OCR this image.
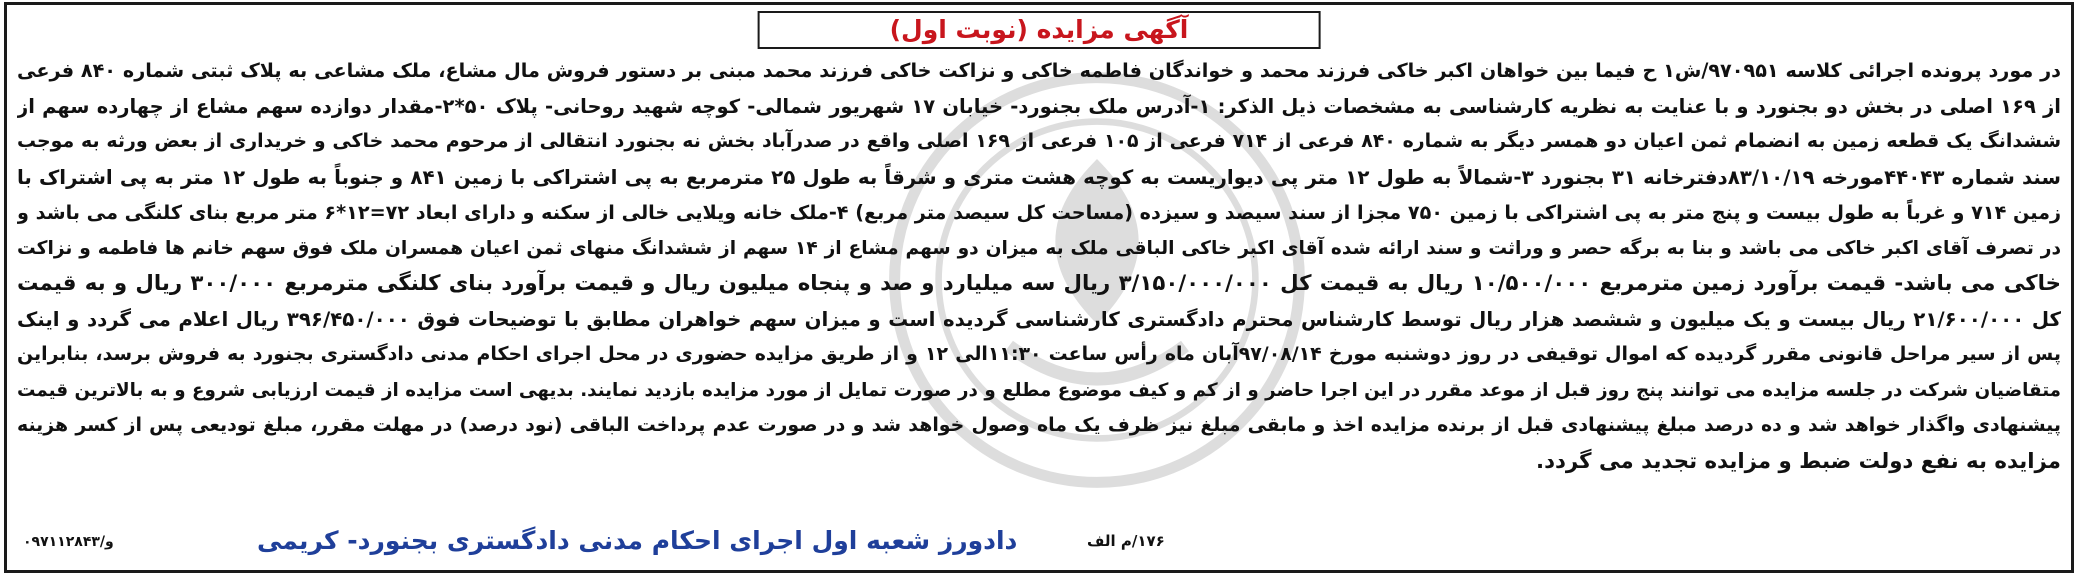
آگهی مزایده (نوبت اول)
در مورد پرونده اجرائی کلاسه ۹۷۰۹۵۱/ش۱ ح فیما بین خواهان اکبر خاکی فرزند محمد و خواندگان فاطمه خاکی و نزاکت خاکی فرزند محمد مبنی بر دستور فروش مال مشاع، ملک مشاعی به پلاک ثبتی شماره ۸۴۰ فرعی
از ۱۶۹ اصلی در بخش دو بجنورد و با عنایت به نظریه کارشناسی به مشخصات ذیل الذکر: ۱-آدرس ملک بجنورد- خیابان ۱۷ شهریور شمالی- کوچه شهید روحانی- پلاک ۵۰*۲-مقدار دوازده سهم مشاع از چهارده سهم از
ششدانگ یک قطعه زمین به انضمام ثمن اعیان دو همسر دیگر به شماره ۸۴۰ فرعی از ۷۱۴ فرعی از ۱۰۵ فرعی از ۱۶۹ اصلی واقع در صدرآباد بخش نه بجنورد انتقالی از مرحوم محمد خاکی و خریداری از بعض ورثه به موجب
سند شماره ۴۴۰۴۳مورخه ۸۳/۱۰/۱۹دفترخانه ۳۱ بجنورد ۳-شمالاً به طول ۱۲ متر پی دیواریست به کوچه هشت متری و شرقاً به طول ۲۵ مترمربع به پی اشتراکی با زمین ۸۴۱ و جنوباً به طول ۱۲ متر به پی اشتراک با
زمین ۷۱۴ و غرباً به طول بیست و پنج متر به پی اشتراکی با زمین ۷۵۰ مجزا از سند سیصد و سیزده (مساحت کل سیصد متر مربع) ۴-ملک خانه ویلایی خالی از سکنه و دارای ابعاد ۷۲=۱۲*۶ متر مربع بنای کلنگی می باشد و
در تصرف آقای اکبر خاکی می باشد و بنا به برگه حصر و وراثت و سند ارائه شده آقای اکبر خاکی الباقی ملک به میزان دو سهم مشاع از ۱۴ سهم از ششدانگ منهای ثمن اعیان همسران ملک فوق سهم خانم ها فاطمه و نزاکت
خاکی می باشد- قیمت برآورد زمین مترمربع ۱۰/۵۰۰/۰۰۰ ریال به قیمت کل ۳/۱۵۰/۰۰۰/۰۰۰ ریال سه میلیارد و صد و پنجاه میلیون ریال و قیمت برآورد بنای کلنگی مترمربع ۳۰۰/۰۰۰ ریال و به قیمت
کل ۲۱/۶۰۰/۰۰۰ ریال بیست و یک میلیون و ششصد هزار ریال توسط کارشناس محترم دادگستری کارشناسی گردیده است و میزان سهم خواهران مطابق با توضیحات فوق ۳۹۶/۴۵۰/۰۰۰ ریال اعلام می گردد و اینک
پس از سیر مراحل قانونی مقرر گردیده که اموال توقیفی در روز دوشنبه مورخ ۹۷/۰۸/۱۴آبان ماه رأس ساعت ۱۱:۳۰الی ۱۲ و از طریق مزایده حضوری در محل اجرای احکام مدنی دادگستری بجنورد به فروش برسد، بنابراین
متقاضیان شرکت در جلسه مزایده می توانند پنج روز قبل از موعد مقرر در این اجرا حاضر و از کم و کیف موضوع مطلع و در صورت تمایل از مورد مزایده بازدید نمایند. بدیهی است مزایده از قیمت ارزیابی شروع و به بالاترین قیمت
پیشنهادی واگذار خواهد شد و ده درصد مبلغ پیشنهادی قبل از برنده مزایده اخذ و مابقی مبلغ نیز ظرف یک ماه وصول خواهد شد و در صورت عدم پرداخت الباقی (نود درصد) در مهلت مقرر، مبلغ تودیعی پس از کسر هزینه
مزایده به نفع دولت ضبط و مزایده تجدید می گردد.
دادورز شعبه اول اجرای احکام مدنی دادگستری بجنورد- کریمی	۱۷۶/م الف
۰۹۷۱۱۲۸۴۳/و
